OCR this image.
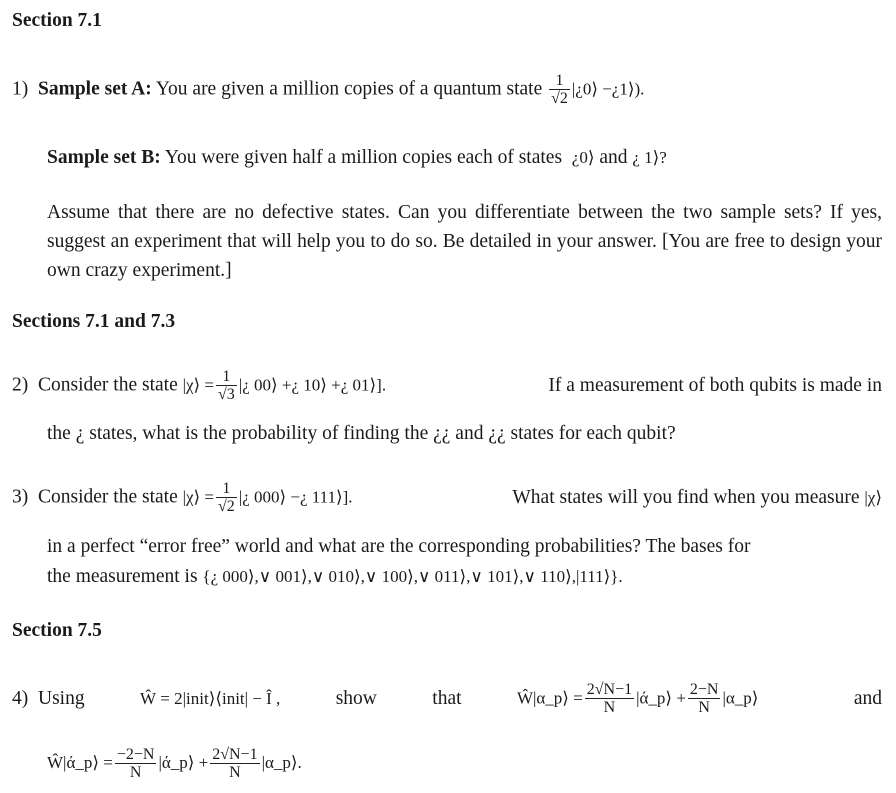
Section 7.1
1) Sample set A: You are given a million copies of a quantum state $\frac{1}{√2}$ |¿0⟩ −¿1⟩).
Sample set B: You were given half a million copies each of states ¿0⟩ and ¿ 1⟩?
Assume that there are no defective states. Can you differentiate between the two sample sets? If yes, suggest an experiment that will help you to do so. Be detailed in your answer. [You are free to design your own crazy experiment.]
Sections 7.1 and 7.3
2) Consider the state |χ⟩ = $\frac{1}{√3}$ |¿ 00⟩ +¿ 10⟩ +¿ 01⟩].	If a measurement of both qubits is made in
the ¿ states, what is the probability of finding the ¿¿ and ¿¿ states for each qubit?
3) Consider the state |χ⟩ = $\frac{1}{√2}$ |¿ 000⟩ −¿ 111⟩].	What states will you find when you measure |χ⟩
in a perfect “error free” world and what are the corresponding probabilities? The bases for
the measurement is {¿ 000⟩,∨ 001⟩,∨ 010⟩,∨ 100⟩,∨ 011⟩,∨ 101⟩,∨ 110⟩,|111⟩}.
Section 7.5
4) Using	Ŵ = 2|init⟩⟨init| − Î ,	show	that	Ŵ|α_p⟩ = $\frac{2√N-1}{N}$ |ά_p⟩ + $\frac{2-N}{N}$ |α_p⟩	and
Ŵ|ά_p⟩ = $\frac{-2-N}{N}$ |ά_p⟩ + $\frac{2√N-1}{N}$ |α_p⟩.
